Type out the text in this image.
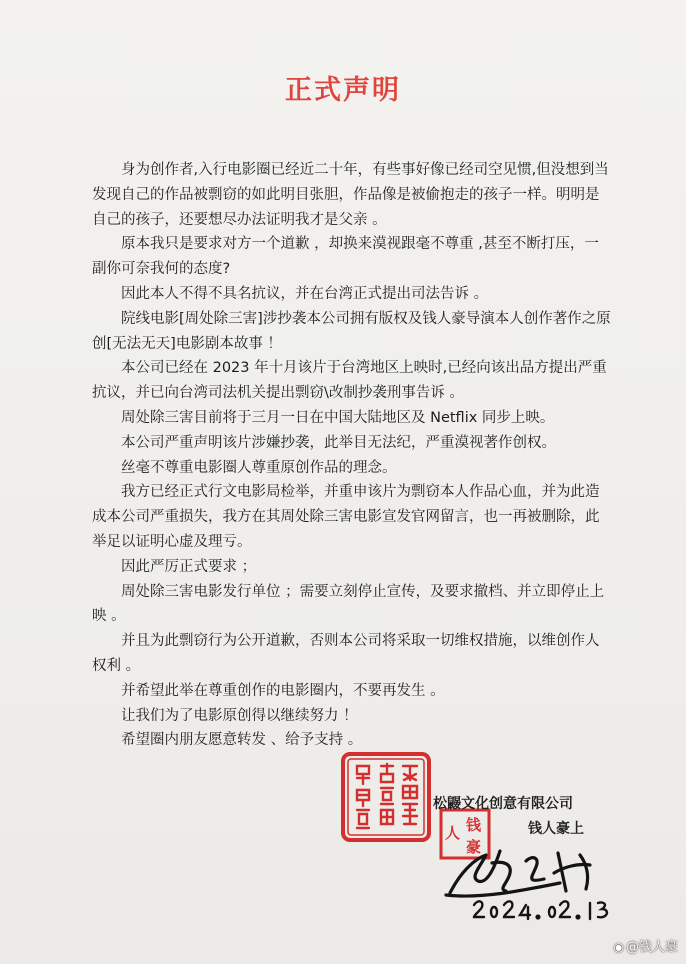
正式声明

身为创作者,入行电影圈已经近二十年，有些事好像已经司空见惯,但没想到当发现自己的作品被剽窃的如此明目张胆，作品像是被偷抱走的孩子一样。明明是自己的孩子，还要想尽办法证明我才是父亲 。

原本我只是要求对方一个道歉 ，却换来漠视跟毫不尊重 ,甚至不断打压，一副你可奈我何的态度?

因此本人不得不具名抗议，并在台湾正式提出司法告诉 。

院线电影[周处除三害]涉抄袭本公司拥有版权及钱人豪导演本人创作著作之原创[无法无天]电影剧本故事 ！

本公司已经在 2023 年十月该片于台湾地区上映时,已经向该出品方提出严重抗议，并已向台湾司法机关提出剽窃\改制抄袭刑事告诉 。

周处除三害目前将于三月一日在中国大陆地区及 Netflix 同步上映。

本公司严重声明该片涉嫌抄袭，此举目无法纪，严重漠视著作创权。

丝毫不尊重电影圈人尊重原创作品的理念。

我方已经正式行文电影局检举，并重申该片为剽窃本人作品心血，并为此造成本公司严重损失，我方在其周处除三害电影宣发官网留言，也一再被删除，此举足以证明心虚及理亏。

因此严厉正式要求 ；

周处除三害电影发行单位 ；需要立刻停止宣传，及要求撤档、并立即停止上映 。

并且为此剽窃行为公开道歉，否则本公司将采取一切维权措施，以维创作人权利 。

并希望此举在尊重创作的电影圈内，不要再发生 。

让我们为了电影原创得以继续努力 ！

希望圈内朋友愿意转发 、给予支持 。

钱
人
豪
松鼹文化创意有限公司
钱人豪上
◉ @钱人豪
